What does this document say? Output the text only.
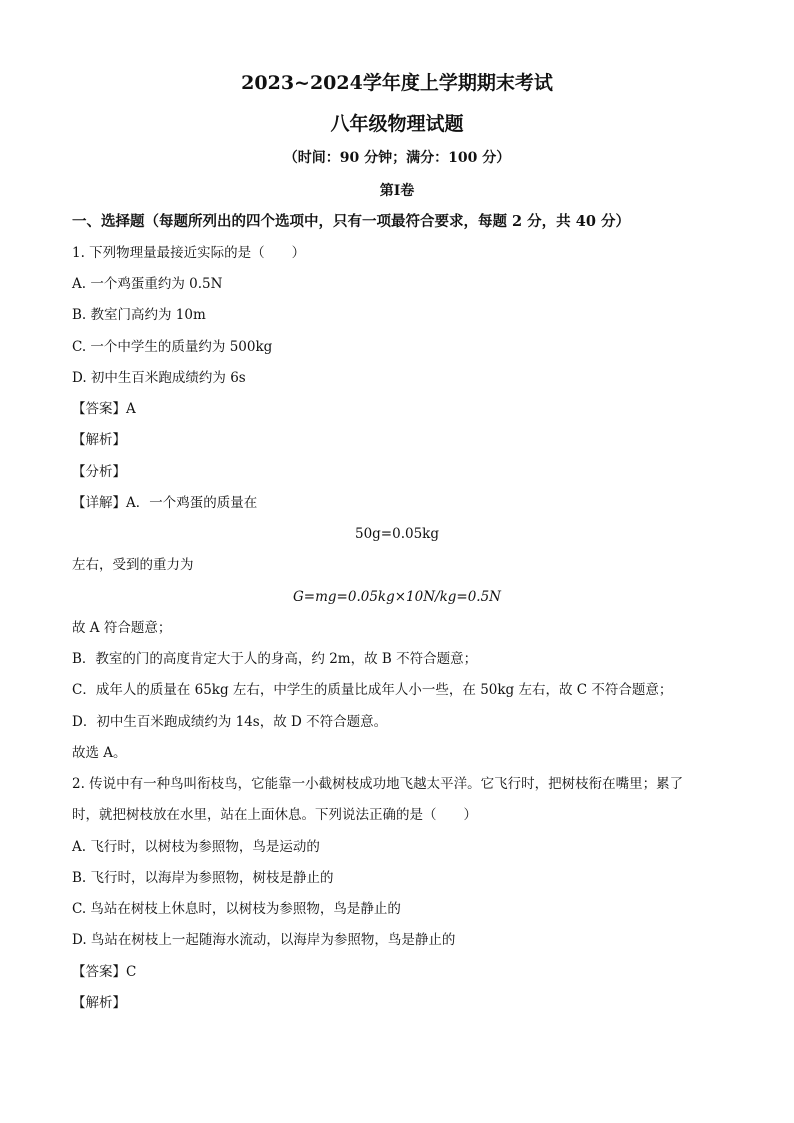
2023~2024学年度上学期期末考试
八年级物理试题
（时间：90 分钟；满分：100 分）
第Ⅰ卷
一、选择题（每题所列出的四个选项中，只有一项最符合要求，每题 2 分，共 40 分）
1. 下列物理量最接近实际的是（　　）
A. 一个鸡蛋重约为 0.5N
B. 教室门高约为 10m
C. 一个中学生的质量约为 500kg
D. 初中生百米跑成绩约为 6s
【答案】A
【解析】
【分析】
【详解】A．一个鸡蛋的质量在
50g=0.05kg
左右，受到的重力为
G=mg=0.05kg×10N/kg=0.5N
故 A 符合题意；
B．教室的门的高度肯定大于人的身高，约 2m，故 B 不符合题意；
C．成年人的质量在 65kg 左右，中学生的质量比成年人小一些，在 50kg 左右，故 C 不符合题意；
D．初中生百米跑成绩约为 14s，故 D 不符合题意。
故选 A。
2. 传说中有一种鸟叫衔枝鸟，它能靠一小截树枝成功地飞越太平洋。它飞行时，把树枝衔在嘴里；累了
时，就把树枝放在水里，站在上面休息。下列说法正确的是（　　）
A. 飞行时，以树枝为参照物，鸟是运动的
B. 飞行时，以海岸为参照物，树枝是静止的
C. 鸟站在树枝上休息时，以树枝为参照物，鸟是静止的
D. 鸟站在树枝上一起随海水流动，以海岸为参照物，鸟是静止的
【答案】C
【解析】
